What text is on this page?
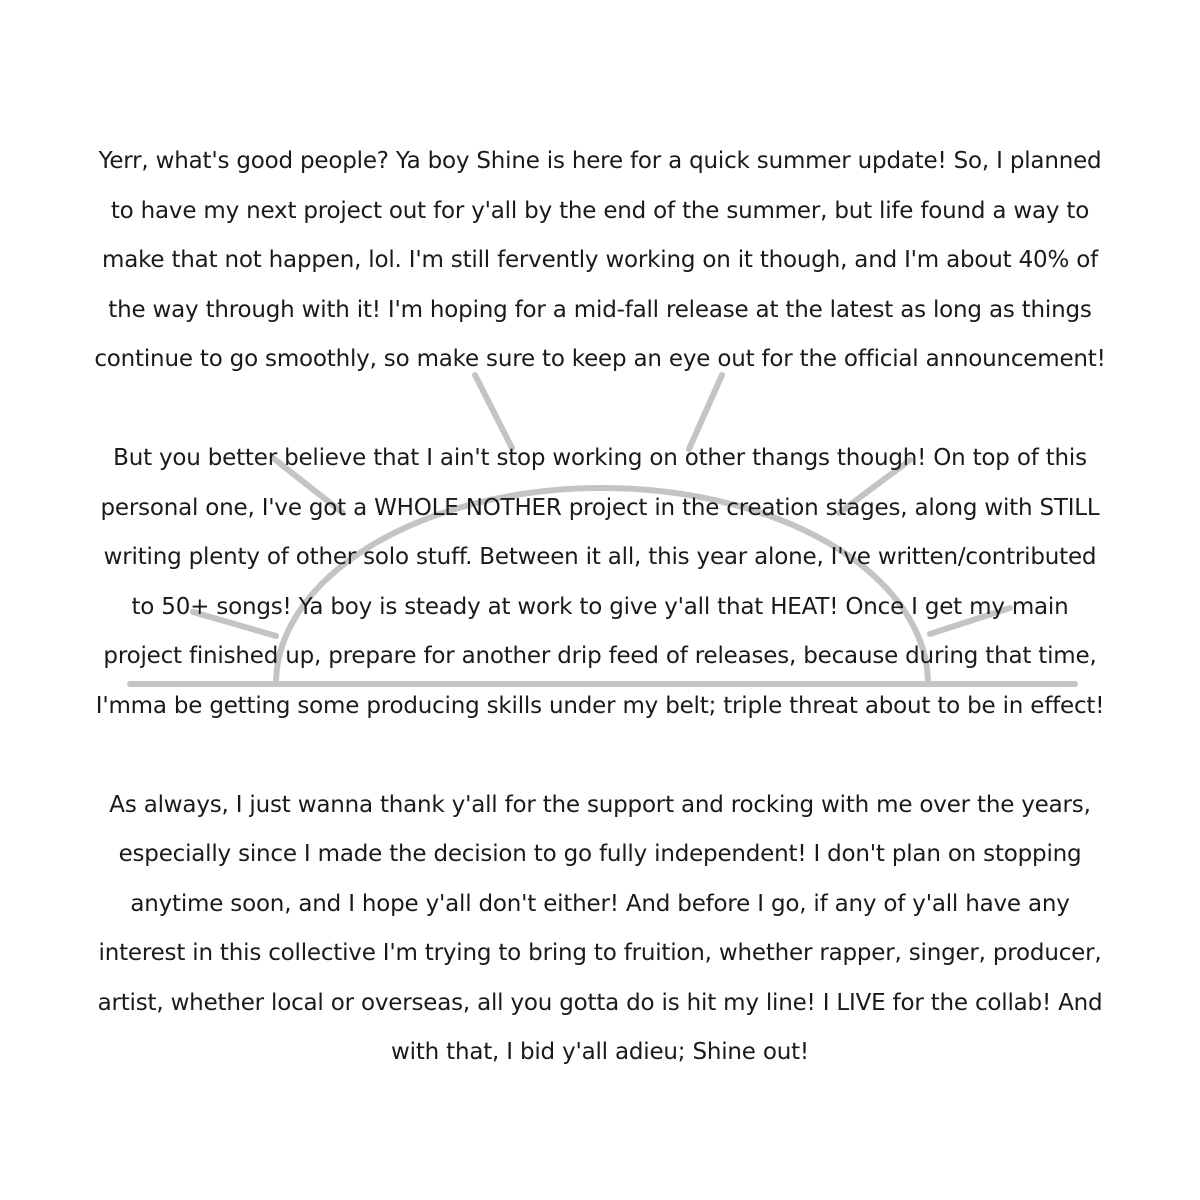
Yerr, what's good people? Ya boy Shine is here for a quick summer update! So, I planned
to have my next project out for y'all by the end of the summer, but life found a way to
make that not happen, lol. I'm still fervently working on it though, and I'm about 40% of
the way through with it! I'm hoping for a mid-fall release at the latest as long as things
continue to go smoothly, so make sure to keep an eye out for the official announcement!
But you better believe that I ain't stop working on other thangs though! On top of this
personal one, I've got a WHOLE NOTHER project in the creation stages, along with STILL
writing plenty of other solo stuff. Between it all, this year alone, I've written/contributed
to 50+ songs! Ya boy is steady at work to give y'all that HEAT! Once I get my main
project finished up, prepare for another drip feed of releases, because during that time,
I'mma be getting some producing skills under my belt; triple threat about to be in effect!
As always, I just wanna thank y'all for the support and rocking with me over the years,
especially since I made the decision to go fully independent! I don't plan on stopping
anytime soon, and I hope y'all don't either! And before I go, if any of y'all have any
interest in this collective I'm trying to bring to fruition, whether rapper, singer, producer,
artist, whether local or overseas, all you gotta do is hit my line! I LIVE for the collab! And
with that, I bid y'all adieu; Shine out!
